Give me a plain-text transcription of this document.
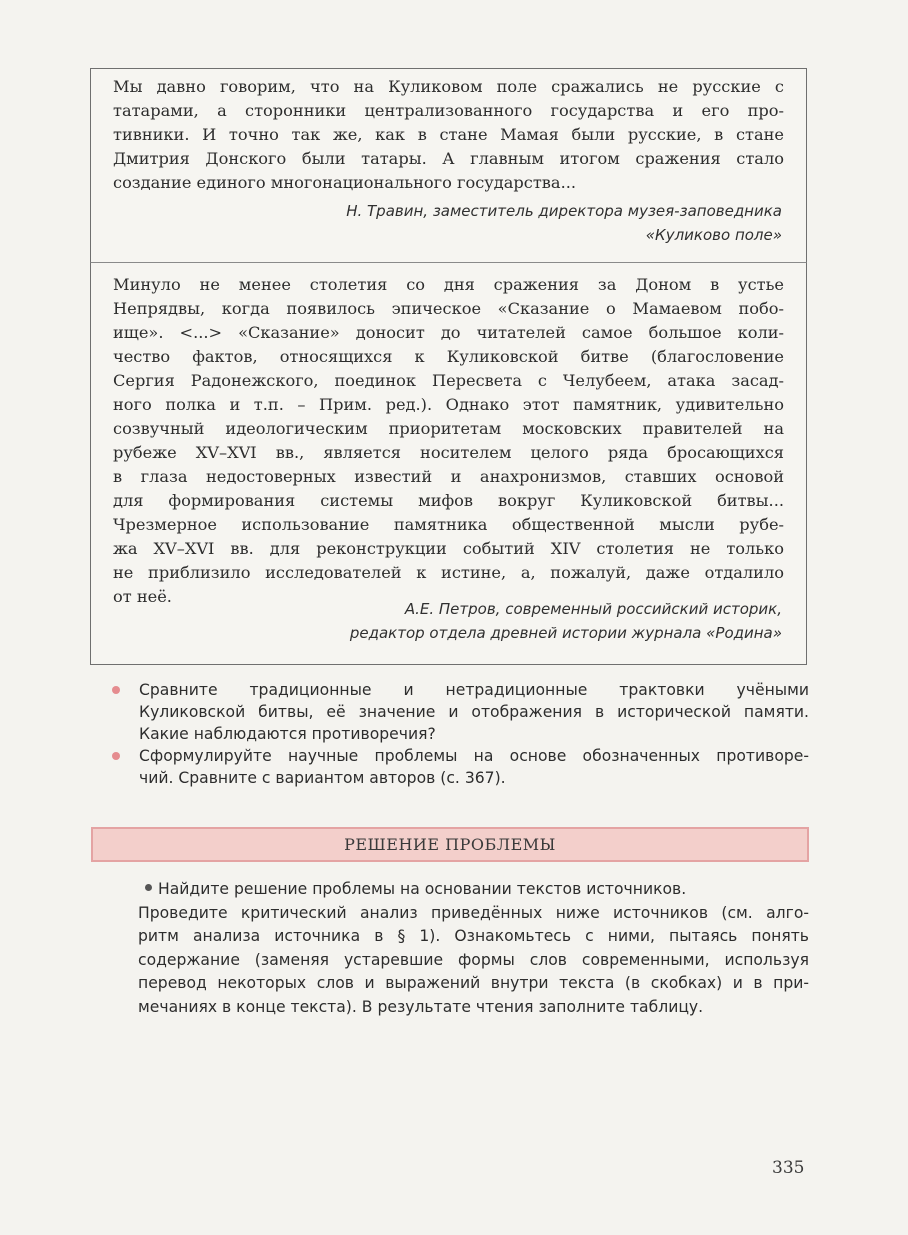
Мы давно говорим, что на Куликовом поле сражались не русские с
татарами, а сторонники централизованного государства и его про-
тивники. И точно так же, как в стане Мамая были русские, в стане
Дмитрия Донского были татары. А главным итогом сражения стало
создание единого многонационального государства...
Н. Травин, заместитель директора музея-заповедника
«Куликово поле»
Минуло не менее столетия со дня сражения за Доном в устье
Непрядвы, когда появилось эпическое «Сказание о Мамаевом побо-
ище». <...> «Сказание» доносит до читателей самое большое коли-
чество фактов, относящихся к Куликовской битве (благословение
Сергия Радонежского, поединок Пересвета с Челубеем, атака засад-
ного полка и т.п. – Прим. ред.). Однако этот памятник, удивительно
созвучный идеологическим приоритетам московских правителей на
рубеже XV–XVI вв., является носителем целого ряда бросающихся
в глаза недостоверных известий и анахронизмов, ставших основой
для формирования системы мифов вокруг Куликовской битвы...
Чрезмерное использование памятника общественной мысли рубе-
жа XV–XVI вв. для реконструкции событий XIV столетия не только
не приблизило исследователей к истине, а, пожалуй, даже отдалило
от неё.
А.Е. Петров, современный российский историк,
редактор отдела древней истории журнала «Родина»
Сравните традиционные и нетрадиционные трактовки учёными
Куликовской битвы, её значение и отображения в исторической памяти.
Какие наблюдаются противоречия?
Сформулируйте научные проблемы на основе обозначенных противоре-
чий. Сравните с вариантом авторов (с. 367).
РЕШЕНИЕ ПРОБЛЕМЫ
Найдите решение проблемы на основании текстов источников.
Проведите критический анализ приведённых ниже источников (см. алго-
ритм анализа источника в § 1). Ознакомьтесь с ними, пытаясь понять
содержание (заменяя устаревшие формы слов современными, используя
перевод некоторых слов и выражений внутри текста (в скобках) и в при-
мечаниях в конце текста). В результате чтения заполните таблицу.
335
